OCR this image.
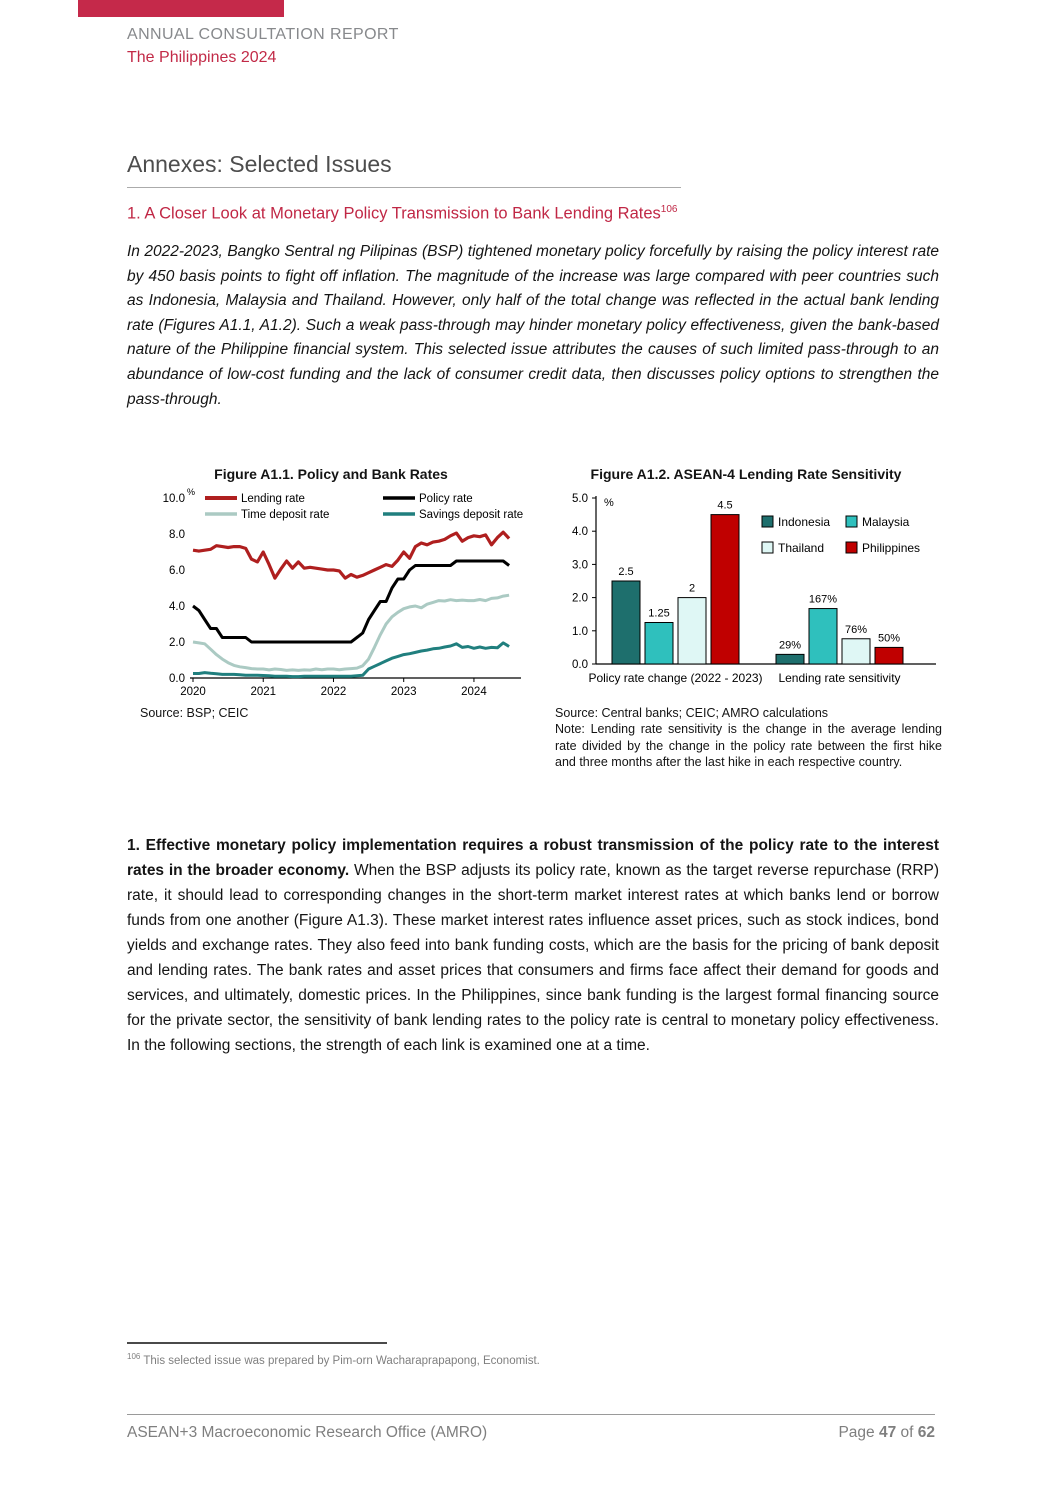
ANNUAL CONSULTATION REPORT
The Philippines 2024
Annexes: Selected Issues
1. A Closer Look at Monetary Policy Transmission to Bank Lending Rates$^{106}$

In 2022-2023, Bangko Sentral ng Pilipinas (BSP) tightened monetary policy forcefully by raising the policy interest rate by 450 basis points to fight off inflation. The magnitude of the increase was large compared with peer countries such as Indonesia, Malaysia and Thailand. However, only half of the total change was reflected in the actual bank lending rate (Figures A1.1, A1.2). Such a weak pass-through may hinder monetary policy effectiveness, given the bank-based nature of the Philippine financial system. This selected issue attributes the causes of such limited pass-through to an abundance of low-cost funding and the lack of consumer credit data, then discusses policy options to strengthen the pass-through.

Figure A1.1. Policy and Bank Rates
0.0
2.0
4.0
6.0
8.0
10.0
%
2020	2021	2022	2023	2024
Lending rate	Policy rate
Time deposit rate	Savings deposit rate
Source: BSP; CEIC
Figure A1.2. ASEAN-4 Lending Rate Sensitivity
0.0
1.0
2.0
3.0
4.0
5.0 %
2.5
1.25
2
4.5
Policy rate change (2022 - 2023)
29%
167%
76%
50%
Lending rate sensitivity
Indonesia	Malaysia
Thailand	Philippines
Source: Central banks; CEIC; AMRO calculations
Note: Lending rate sensitivity is the change in the average lending rate divided by the change in the policy rate between the first hike and three months after the last hike in each respective country.

1. Effective monetary policy implementation requires a robust transmission of the policy rate to the interest rates in the broader economy. When the BSP adjusts its policy rate, known as the target reverse repurchase (RRP) rate, it should lead to corresponding changes in the short-term market interest rates at which banks lend or borrow funds from one another (Figure A1.3). These market interest rates influence asset prices, such as stock indices, bond yields and exchange rates. They also feed into bank funding costs, which are the basis for the pricing of bank deposit and lending rates. The bank rates and asset prices that consumers and firms face affect their demand for goods and services, and ultimately, domestic prices. In the Philippines, since bank funding is the largest formal financing source for the private sector, the sensitivity of bank lending rates to the policy rate is central to monetary policy effectiveness. In the following sections, the strength of each link is examined one at a time.

$^{106}$ This selected issue was prepared by Pim-orn Wacharaprapapong, Economist.
ASEAN+3 Macroeconomic Research Office (AMRO)	Page 47 of 62
